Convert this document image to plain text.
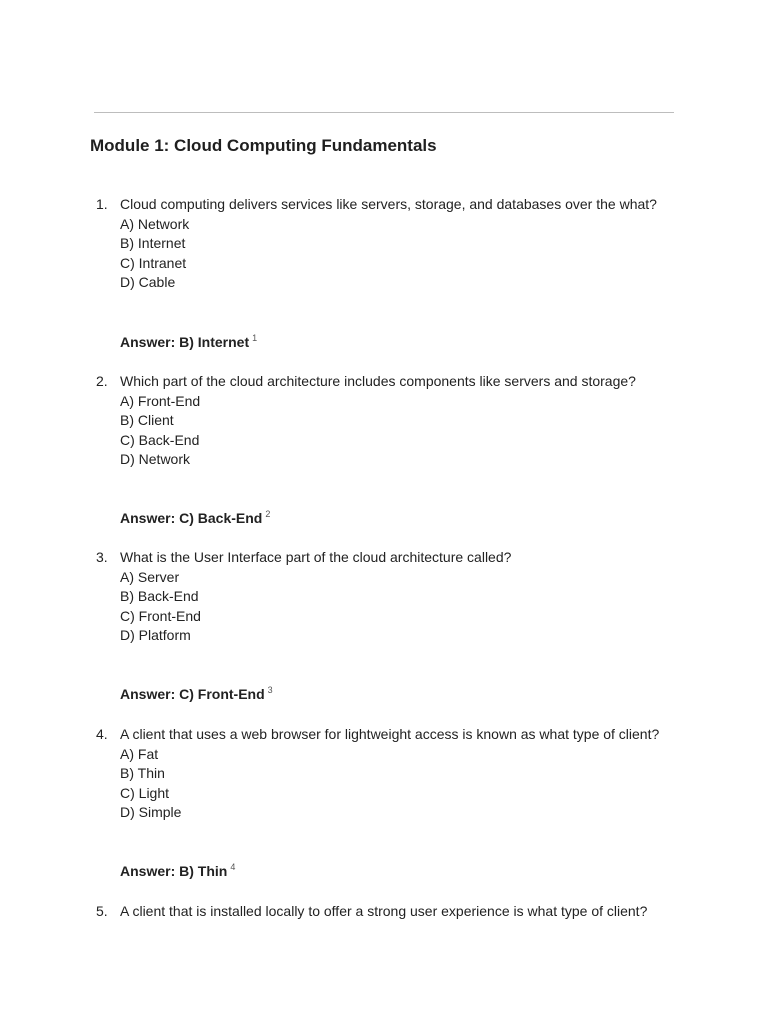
Module 1: Cloud Computing Fundamentals
1. Cloud computing delivers services like servers, storage, and databases over the what?
A) Network
B) Internet
C) Intranet
D) Cable
Answer: B) Internet $^1$
2. Which part of the cloud architecture includes components like servers and storage?
A) Front-End
B) Client
C) Back-End
D) Network
Answer: C) Back-End $^2$
3. What is the User Interface part of the cloud architecture called?
A) Server
B) Back-End
C) Front-End
D) Platform
Answer: C) Front-End $^3$
4. A client that uses a web browser for lightweight access is known as what type of client?
A) Fat
B) Thin
C) Light
D) Simple
Answer: B) Thin $^4$
5. A client that is installed locally to offer a strong user experience is what type of client?
